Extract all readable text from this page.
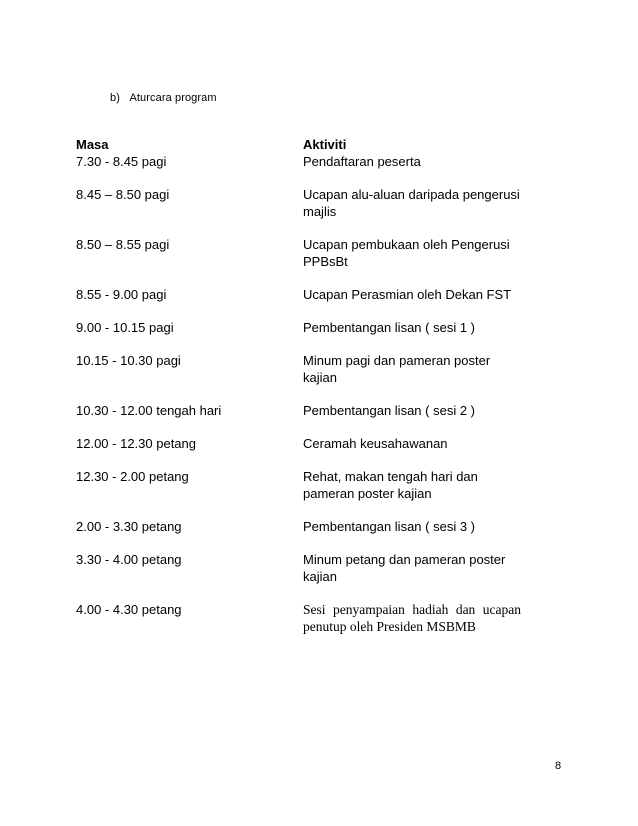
b)   Aturcara program
Masa	Aktiviti
7.30 - 8.45 pagi	Pendaftaran peserta
8.45 – 8.50 pagi	Ucapan alu-aluan daripada pengerusi majlis
8.50 – 8.55 pagi	Ucapan pembukaan oleh Pengerusi PPBsBt
8.55 - 9.00 pagi	Ucapan Perasmian oleh Dekan FST
9.00 - 10.15 pagi	Pembentangan lisan ( sesi 1 )
10.15 - 10.30 pagi	Minum pagi dan pameran poster kajian
10.30 - 12.00 tengah hari	Pembentangan lisan ( sesi 2 )
12.00 - 12.30 petang	Ceramah keusahawanan
12.30 - 2.00 petang	Rehat, makan tengah hari dan pameran poster kajian
2.00 - 3.30 petang	Pembentangan lisan ( sesi 3 )
3.30 - 4.00 petang	Minum petang dan pameran poster kajian
4.00 - 4.30 petang	Sesi penyampaian hadiah dan ucapan penutup oleh Presiden MSBMB
8
